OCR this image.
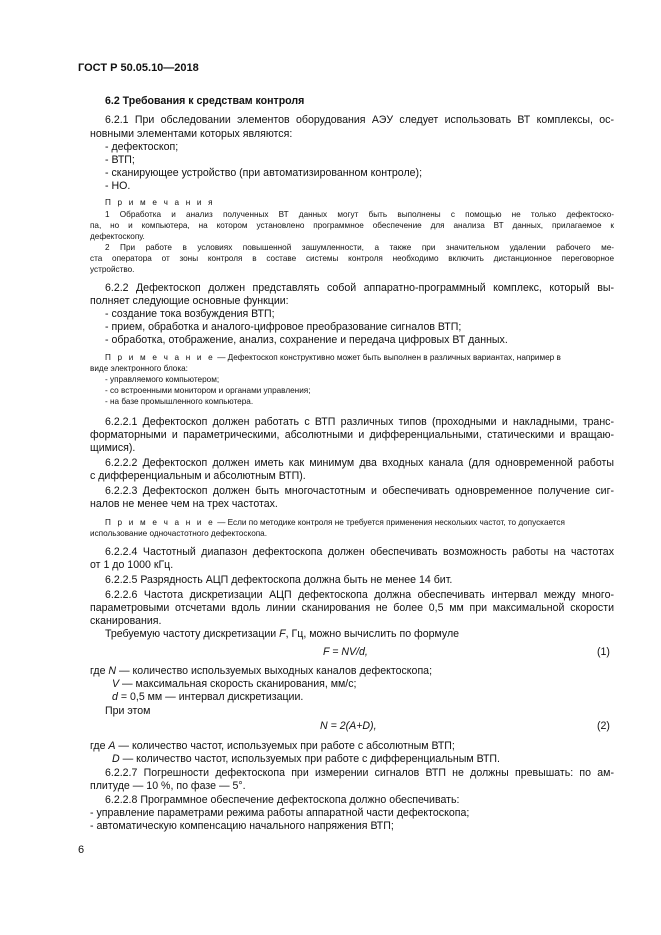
ГОСТ Р 50.05.10—2018
6.2 Требования к средствам контроля
6.2.1 При обследовании элементов оборудования АЭУ следует использовать ВТ комплексы, ос-
новными элементами которых являются:
- дефектоскоп;
- ВТП;
- сканирующее устройство (при автоматизированном контроле);
- НО.
П р и м е ч а н и я
1 Обработка и анализ полученных ВТ данных могут быть выполнены с помощью не только дефектоско-
па, но и компьютера, на котором установлено программное обеспечение для анализа ВТ данных, прилагаемое к
дефектоскопу.
2 При работе в условиях повышенной зашумленности, а также при значительном удалении рабочего ме-
ста оператора от зоны контроля в составе системы контроля необходимо включить дистанционное переговорное
устройство.
6.2.2 Дефектоскоп должен представлять собой аппаратно-программный комплекс, который вы-
полняет следующие основные функции:
- создание тока возбуждения ВТП;
- прием, обработка и аналого-цифровое преобразование сигналов ВТП;
- обработка, отображение, анализ, сохранение и передача цифровых ВТ данных.
П р и м е ч а н и е — Дефектоскоп конструктивно может быть выполнен в различных вариантах, например в
виде электронного блока:
- управляемого компьютером;
- со встроенными монитором и органами управления;
- на базе промышленного компьютера.
6.2.2.1 Дефектоскоп должен работать с ВТП различных типов (проходными и накладными, транс-
форматорными и параметрическими, абсолютными и дифференциальными, статическими и вращаю-
щимися).
6.2.2.2 Дефектоскоп должен иметь как минимум два входных канала (для одновременной работы
с дифференциальным и абсолютным ВТП).
6.2.2.3 Дефектоскоп должен быть многочастотным и обеспечивать одновременное получение сиг-
налов не менее чем на трех частотах.
П р и м е ч а н и е — Если по методике контроля не требуется применения нескольких частот, то допускается
использование одночастотного дефектоскопа.
6.2.2.4 Частотный диапазон дефектоскопа должен обеспечивать возможность работы на частотах
от 1 до 1000 кГц.
6.2.2.5 Разрядность АЦП дефектоскопа должна быть не менее 14 бит.
6.2.2.6 Частота дискретизации АЦП дефектоскопа должна обеспечивать интервал между много-
параметровыми отсчетами вдоль линии сканирования не более 0,5 мм при максимальной скорости
сканирования.
Требуемую частоту дискретизации F, Гц, можно вычислить по формуле
F = NV/d,	(1)
где N — количество используемых выходных каналов дефектоскопа;
V — максимальная скорость сканирования, мм/с;
d = 0,5 мм — интервал дискретизации.
При этом
N = 2(A+D),	(2)
где A — количество частот, используемых при работе с абсолютным ВТП;
D — количество частот, используемых при работе с дифференциальным ВТП.
6.2.2.7 Погрешности дефектоскопа при измерении сигналов ВТП не должны превышать: по ам-
плитуде — 10 %, по фазе — 5°.
6.2.2.8 Программное обеспечение дефектоскопа должно обеспечивать:
- управление параметрами режима работы аппаратной части дефектоскопа;
- автоматическую компенсацию начального напряжения ВТП;
6
